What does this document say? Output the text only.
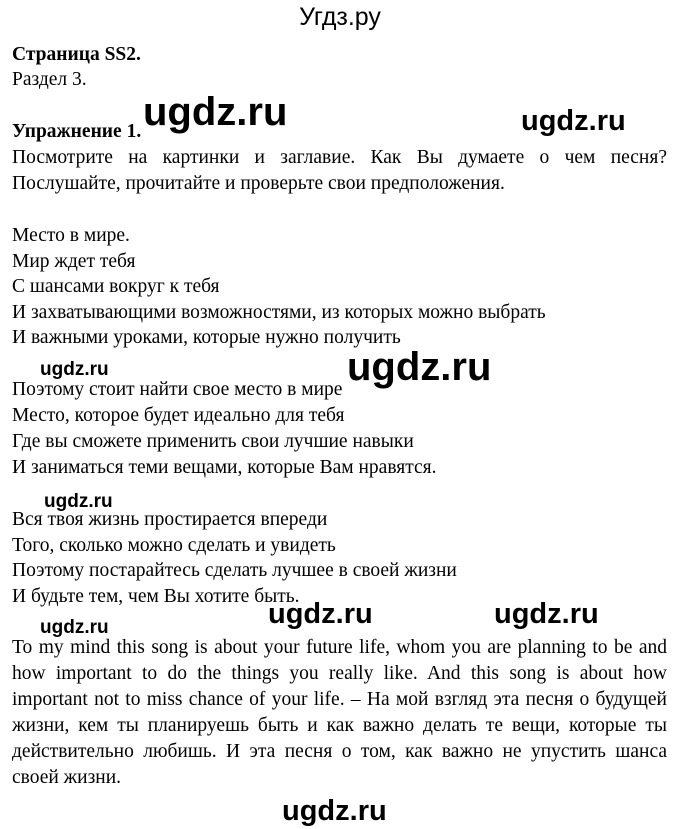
Угдз.ру
Страница SS2.
Раздел 3.
Упражнение 1.
Посмотрите на картинки и заглавие. Как Вы думаете о чем песня?
Послушайте, прочитайте и проверьте свои предположения.
Место в мире.
Мир ждет тебя
С шансами вокруг к тебя
И захватывающими возможностями, из которых можно выбрать
И важными уроками, которые нужно получить
Поэтому стоит найти свое место в мире
Место, которое будет идеально для тебя
Где вы сможете применить свои лучшие навыки
И заниматься теми вещами, которые Вам нравятся.
Вся твоя жизнь простирается впереди
Того, сколько можно сделать и увидеть
Поэтому постарайтесь сделать лучшее в своей жизни
И будьте тем, чем Вы хотите быть.
To my mind this song is about your future life, whom you are planning to be and
how important to do the things you really like. And this song is about how
important not to miss chance of your life. – На мой взгляд эта песня о будущей
жизни, кем ты планируешь быть и как важно делать те вещи, которые ты
действительно любишь. И эта песня о том, как важно не упустить шанса
своей жизни.
ugdz.ru	ugdz.ru
ugdz.ru	ugdz.ru
ugdz.ru
ugdz.ru	ugdz.ru
ugdz.ru
ugdz.ru
